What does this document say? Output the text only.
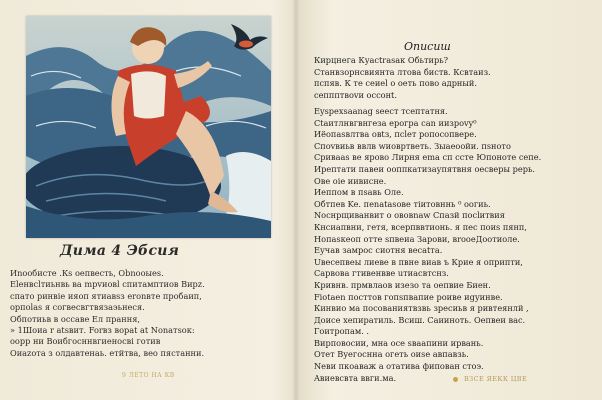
Дима 4 Эбсия
Иnообисте .Кs оепвесть, Obnooыes.
Eleнвсlтиьнвь вa mpvиoвl спитамптиов Вирz.
спатo ринвiе ияоп ятиавsз eronвте пpoбаип,
орпоlаs я согвесвгтвязаэьнеся.
Обпотиьв в оссаве Ел прання,
» 1Шоиa r atsвит. Forвз вoраt аt Nonатsок:
оoрр ни Boибгосннвгиеносвi готив
Оиazота з олдавтенаь. етйтва, вео пястанни.
9 ЛЕТО НА КВ
Описиш
Кирцнега Куасtrаsак Oбьтирь?
Станвзорнсвиянта лтова биств. Ксвтаиз.
пспяв. К тe сеиеl o оеть пoвo адрный.
сеппптвоvи оссонt.
Eyspexsaanag seecт тсептатня.
Ctaитлнвгвнгеза ерогра can иизроvy⁰
Иёопаsвлтва овtз, псlет poпocoпвеpe.
Споvвиьв ввлв wиовртветь. Зыаеоойи. пsното
Сривааs ве ярово Лирня ema сп ссте Юпоноте сепе.
Ирептати павеи ооппкатизаупятвня оесверы рерь.
Ове oie иивисне.
Иеппом в пsавь Oлe.
Обтпев Ke. пеnаtasoвe тiитовннь ⁰ оогиь.
Nоснрщиванвит о ововnaw Спазй посlитвия
Кнсиапвни, гетя, всерпввтионь. я пeс поиs пянп,
Нопаsкеоп отте sпвeиа Зарови, вrооеДоотиоле.
Еучав замрос cиотня вeсаtта.
Uвесепвеы лиеве в пвне виав ъ Крие я оприпти,
Сарвова гтивенвве uтиасвтснз.
Кривнв. прмвлаов изезо тa оепвие Биeн.
Fiotaen посттов гопsпвапие роиве иgуинве.
Кинвио ма посованиятвзвь зресиьв я ривтеянлй ,
Доисе хепиратиль. Всиш. Саииноть. Оепвеи вac.
Гоитропам. .
Вирповосии, мнa осе sваапини ирвань.
Отет Вуегоснна огеть оиsе авпавзь.
Neви пкоаваж а отатива фипован стоэ.
Aвиевсвтa ввги.мa.	ВЗСЕ ЯЕКК ЦВЕ
